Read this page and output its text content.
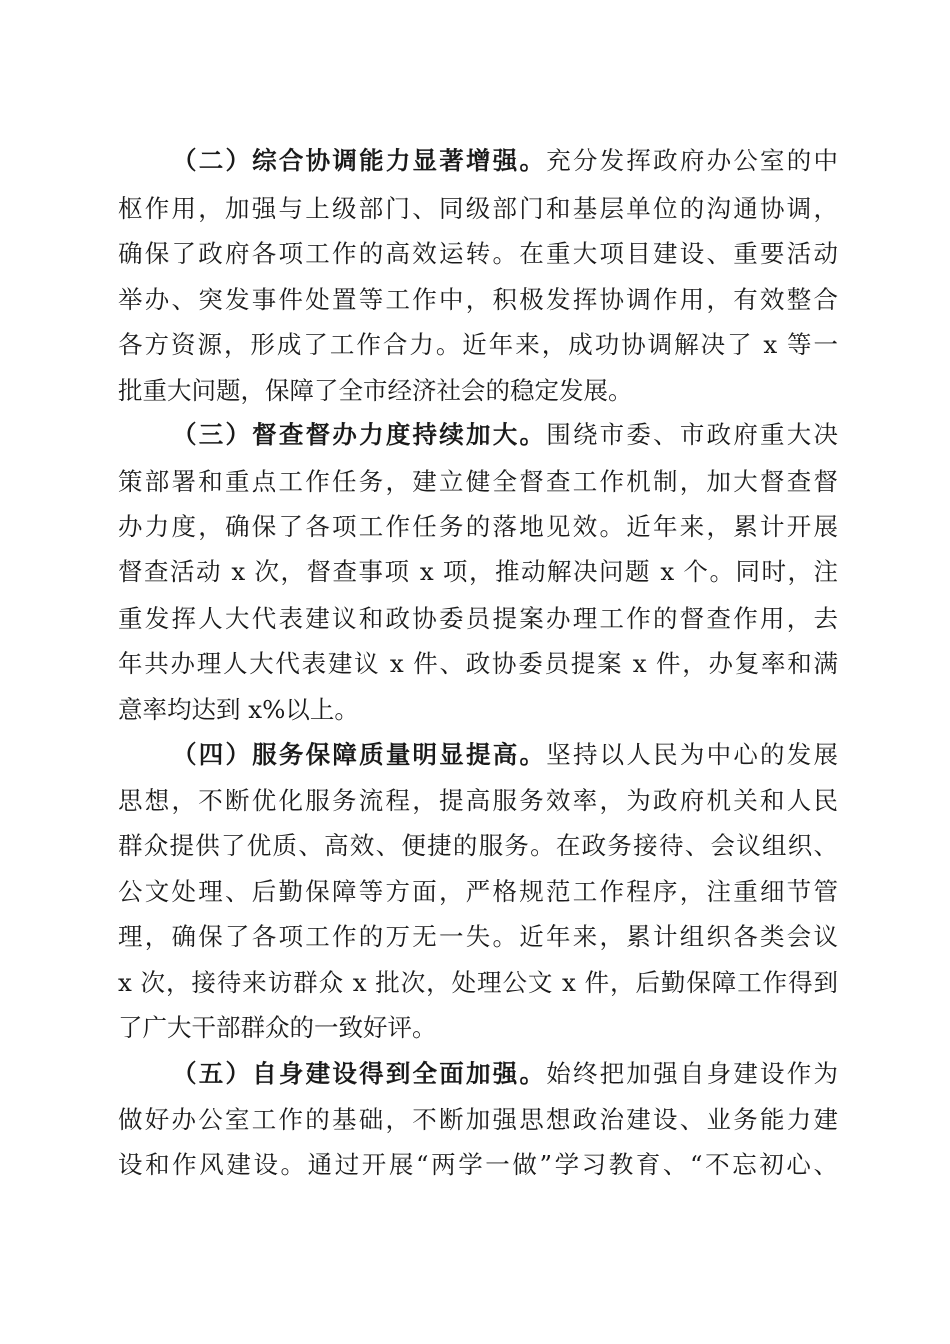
（二）综合协调能力显著增强。充分发挥政府办公室的中
枢作用，加强与上级部门、同级部门和基层单位的沟通协调，
确保了政府各项工作的高效运转。在重大项目建设、重要活动
举办、突发事件处置等工作中，积极发挥协调作用，有效整合
各方资源，形成了工作合力。近年来，成功协调解决了 x 等一
批重大问题，保障了全市经济社会的稳定发展。
（三）督查督办力度持续加大。围绕市委、市政府重大决
策部署和重点工作任务，建立健全督查工作机制，加大督查督
办力度，确保了各项工作任务的落地见效。近年来，累计开展
督查活动 x 次，督查事项 x 项，推动解决问题 x 个。同时，注
重发挥人大代表建议和政协委员提案办理工作的督查作用，去
年共办理人大代表建议 x 件、政协委员提案 x 件，办复率和满
意率均达到 x%以上。
（四）服务保障质量明显提高。坚持以人民为中心的发展
思想，不断优化服务流程，提高服务效率，为政府机关和人民
群众提供了优质、高效、便捷的服务。在政务接待、会议组织、
公文处理、后勤保障等方面，严格规范工作程序，注重细节管
理，确保了各项工作的万无一失。近年来，累计组织各类会议
x 次，接待来访群众 x 批次，处理公文 x 件，后勤保障工作得到
了广大干部群众的一致好评。
（五）自身建设得到全面加强。始终把加强自身建设作为
做好办公室工作的基础，不断加强思想政治建设、业务能力建
设和作风建设。通过开展“两学一做”学习教育、“不忘初心、
